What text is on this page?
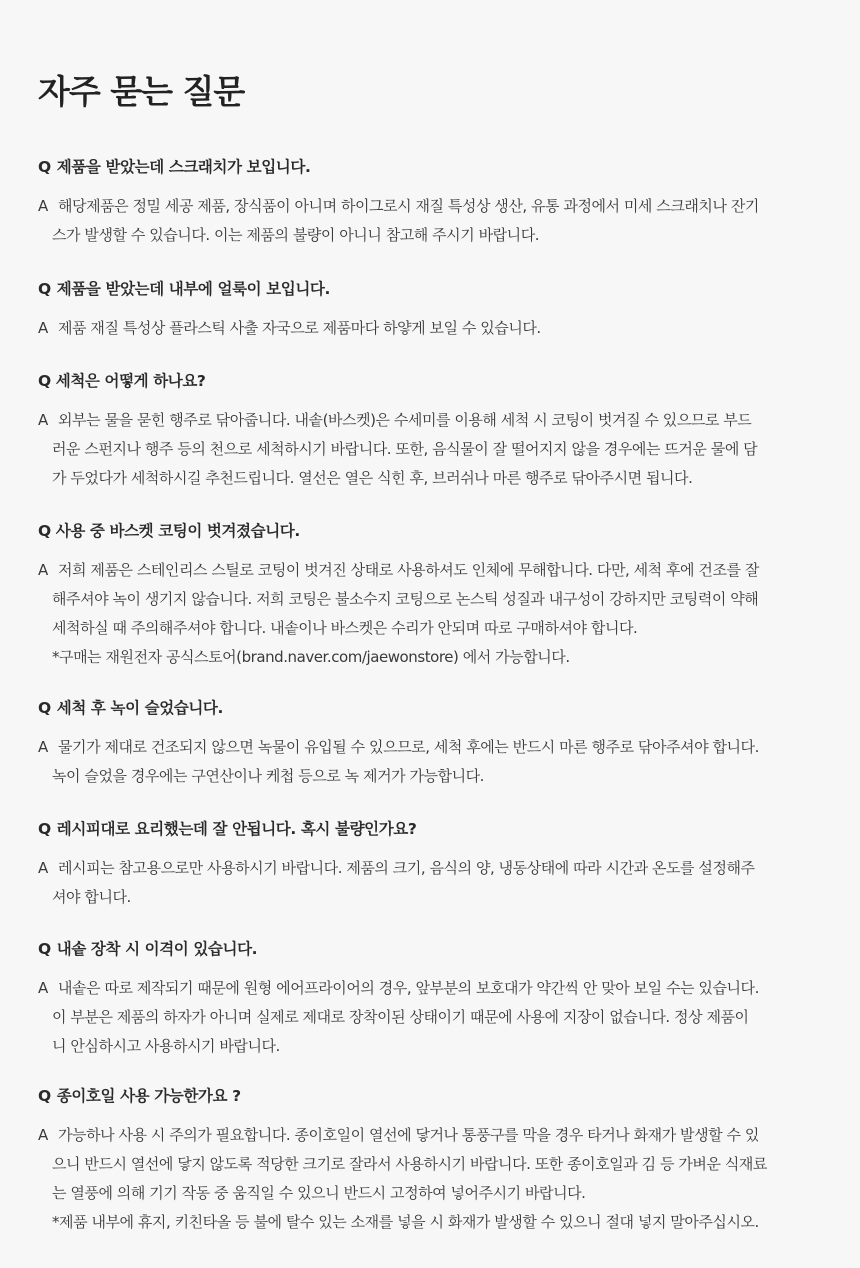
자주 묻는 질문

Q 제품을 받았는데 스크래치가 보입니다.

A 해당제품은 정밀 세공 제품, 장식품이 아니며 하이그로시 재질 특성상 생산, 유통 과정에서 미세 스크래치나 잔기
스가 발생할 수 있습니다. 이는 제품의 불량이 아니니 참고해 주시기 바랍니다.

Q 제품을 받았는데 내부에 얼룩이 보입니다.

A 제품 재질 특성상 플라스틱 사출 자국으로 제품마다 하얗게 보일 수 있습니다.

Q 세척은 어떻게 하나요?

A 외부는 물을 묻힌 행주로 닦아줍니다. 내솥(바스켓)은 수세미를 이용해 세척 시 코팅이 벗겨질 수 있으므로 부드
러운 스펀지나 행주 등의 천으로 세척하시기 바랍니다. 또한, 음식물이 잘 떨어지지 않을 경우에는 뜨거운 물에 담
가 두었다가 세척하시길 추천드립니다. 열선은 열은 식힌 후, 브러쉬나 마른 행주로 닦아주시면 됩니다.

Q 사용 중 바스켓 코팅이 벗겨졌습니다.

A 저희 제품은 스테인리스 스틸로 코팅이 벗겨진 상태로 사용하셔도 인체에 무해합니다. 다만, 세척 후에 건조를 잘
해주셔야 녹이 생기지 않습니다. 저희 코팅은 불소수지 코팅으로 논스틱 성질과 내구성이 강하지만 코팅력이 약해
세척하실 때 주의해주셔야 합니다. 내솥이나 바스켓은 수리가 안되며 따로 구매하셔야 합니다.
*구매는 재원전자 공식스토어(brand.naver.com/jaewonstore) 에서 가능합니다.

Q 세척 후 녹이 슬었습니다.

A 물기가 제대로 건조되지 않으면 녹물이 유입될 수 있으므로, 세척 후에는 반드시 마른 행주로 닦아주셔야 합니다.
녹이 슬었을 경우에는 구연산이나 케첩 등으로 녹 제거가 가능합니다.

Q 레시피대로 요리했는데 잘 안됩니다. 혹시 불량인가요?

A 레시피는 참고용으로만 사용하시기 바랍니다. 제품의 크기, 음식의 양, 냉동상태에 따라 시간과 온도를 설정해주
셔야 합니다.

Q 내솥 장착 시 이격이 있습니다.

A 내솥은 따로 제작되기 때문에 원형 에어프라이어의 경우, 앞부분의 보호대가 약간씩 안 맞아 보일 수는 있습니다.
이 부분은 제품의 하자가 아니며 실제로 제대로 장착이된 상태이기 때문에 사용에 지장이 없습니다. 정상 제품이
니 안심하시고 사용하시기 바랍니다.

Q 종이호일 사용 가능한가요 ?

A 가능하나 사용 시 주의가 필요합니다. 종이호일이 열선에 닿거나 통풍구를 막을 경우 타거나 화재가 발생할 수 있
으니 반드시 열선에 닿지 않도록 적당한 크기로 잘라서 사용하시기 바랍니다. 또한 종이호일과 김 등 가벼운 식재료
는 열풍에 의해 기기 작동 중 움직일 수 있으니 반드시 고정하여 넣어주시기 바랍니다.
*제품 내부에 휴지, 키친타올 등 불에 탈수 있는 소재를 넣을 시 화재가 발생할 수 있으니 절대 넣지 말아주십시오.
